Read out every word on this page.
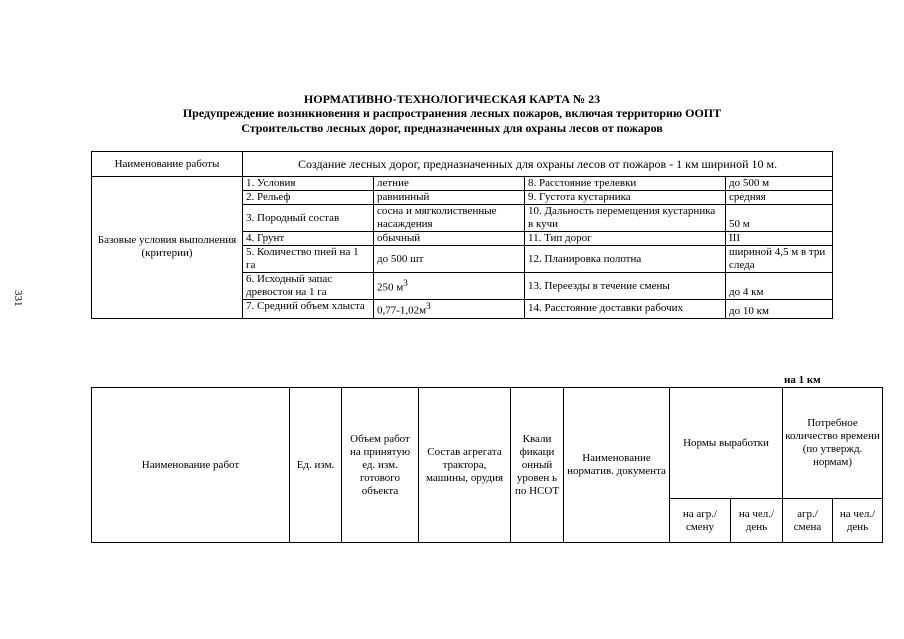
НОРМАТИВНО-ТЕХНОЛОГИЧЕСКАЯ КАРТА № 23
Предупреждение возникновения и распространения лесных пожаров, включая территорию ООПТ
Строительство лесных дорог, предназначенных для охраны лесов от пожаров
331
Наименование работы	Создание лесных дорог, предназначенных для охраны лесов от пожаров - 1 км шириной 10 м.			
Базовые условия выполнения (критерии)	1. Условия	летние	8. Расстояние трелевки	до 500 м
	2. Рельеф	равнинный	9. Густота кустарника	средняя
	3. Породный состав	сосна и мягколиственные насаждения	10. Дальность перемещения кустарника в кучи	50 м
	4. Грунт	обычный	11. Тип дорог	III
	5. Количество пней на 1 га	до 500 шт	12. Планировка полотна	шириной 4,5 м в три следа
	6. Исходный запас древостоя на 1 га	250 $м^3$	13. Переезды в течение смены	до 4 км
	7. Средний объем хлыста	$0,77-1,02м^3$	14. Расстояние доставки рабочих	до 10 км
на 1 км
Наименование работ	Ед. изм.	Объем работ на принятую ед. изм. готового объекта	Состав агрегата трактора, машины, орудия	Квали фикаци онный уровен ь по НСОТ	Наименование норматив. документа	Нормы выработки		Потребное количество времени (по утвержд. нормам)	
						на агр./ смену	на чел./ день	агр./ смена	на чел./ день
